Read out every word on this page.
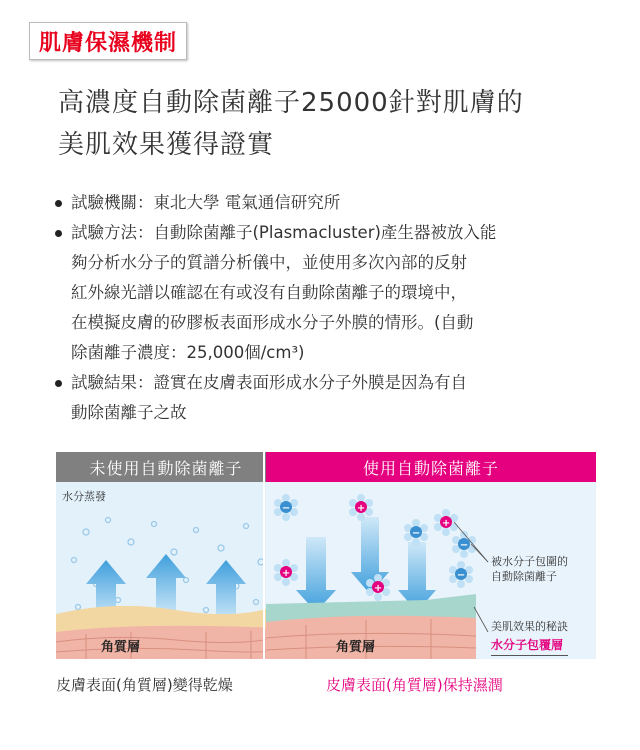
肌膚保濕機制
高濃度自動除菌離子25000針對肌膚的
美肌效果獲得證實
試驗機關：東北大學 電氣通信研究所
試驗方法：自動除菌離子(Plasmacluster)產生器被放入能
夠分析水分子的質譜分析儀中，並使用多次內部的反射
紅外線光譜以確認在有或沒有自動除菌離子的環境中，
在模擬皮膚的矽膠板表面形成水分子外膜的情形。(自動
除菌離子濃度：25,000個/cm³)
試驗結果：證實在皮膚表面形成水分子外膜是因為有自
動除菌離子之故
未使用自動除菌離子
水分蒸發
角質層
使用自動除菌離子
−	+
−
+
−
+
+
−
被水分子包圍的
自動除菌離子
美肌效果的秘訣
水分子包覆層
角質層
皮膚表面(角質層)變得乾燥	皮膚表面(角質層)保持濕潤
